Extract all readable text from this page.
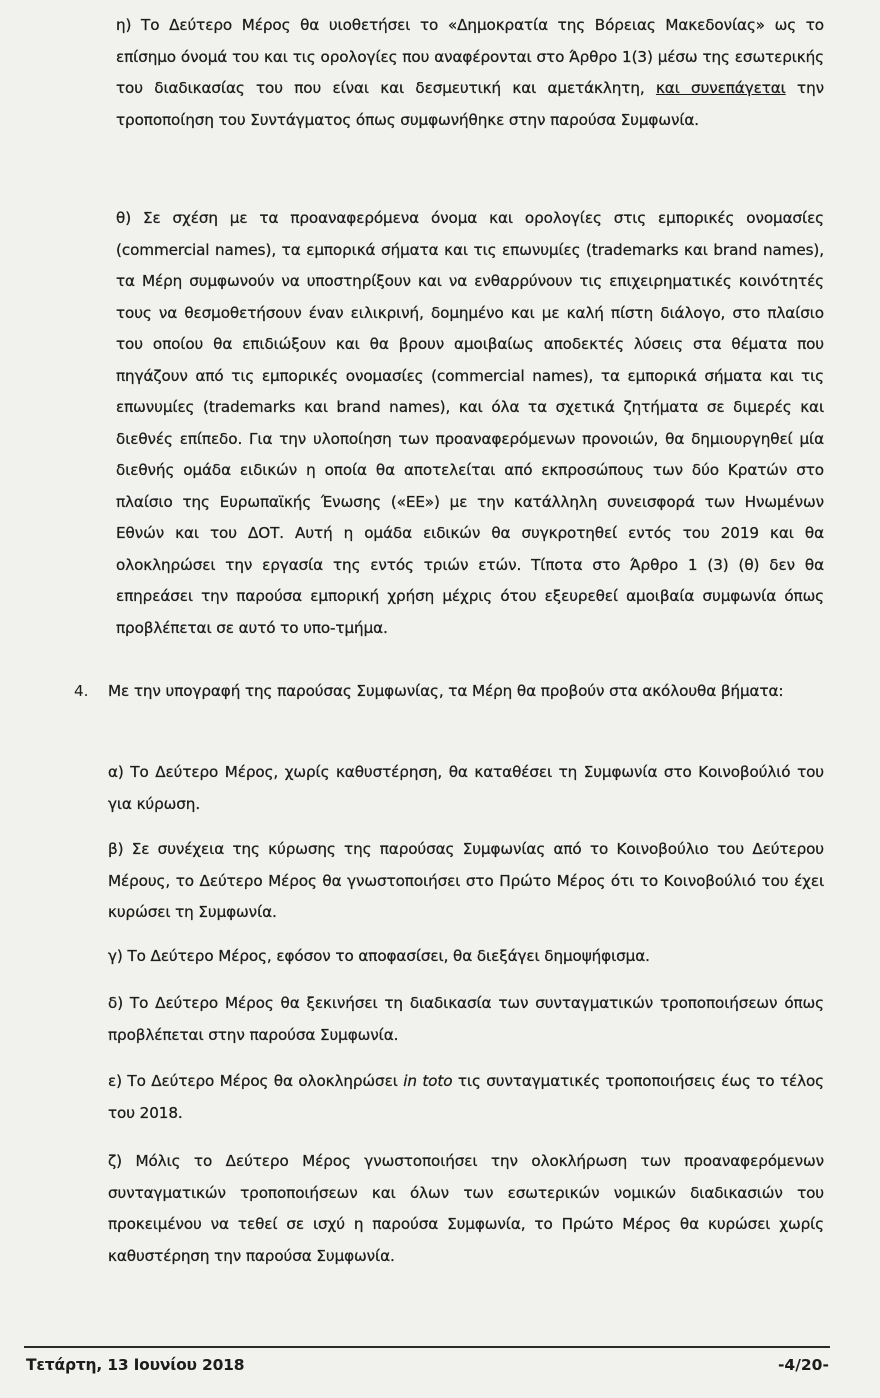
η) Το Δεύτερο Μέρος θα υιοθετήσει το «Δημοκρατία της Βόρειας Μακεδονίας» ως το επίσημο όνομά του και τις ορολογίες που αναφέρονται στο Άρθρο 1(3) μέσω της εσωτερικής του διαδικασίας του που είναι και δεσμευτική και αμετάκλητη, και συνεπάγεται την τροποποίηση του Συντάγματος όπως συμφωνήθηκε στην παρούσα Συμφωνία.

θ) Σε σχέση με τα προαναφερόμενα όνομα και ορολογίες στις εμπορικές ονομασίες (commercial names), τα εμπορικά σήματα και τις επωνυμίες (trademarks και brand names), τα Μέρη συμφωνούν να υποστηρίξουν και να ενθαρρύνουν τις επιχειρηματικές κοινότητές τους να θεσμοθετήσουν έναν ειλικρινή, δομημένο και με καλή πίστη διάλογο, στο πλαίσιο του οποίου θα επιδιώξουν και θα βρουν αμοιβαίως αποδεκτές λύσεις στα θέματα που πηγάζουν από τις εμπορικές ονομασίες (commercial names), τα εμπορικά σήματα και τις επωνυμίες (trademarks και brand names), και όλα τα σχετικά ζητήματα σε διμερές και διεθνές επίπεδο. Για την υλοποίηση των προαναφερόμενων προνοιών, θα δημιουργηθεί μία διεθνής ομάδα ειδικών η οποία θα αποτελείται από εκπροσώπους των δύο Κρατών στο πλαίσιο της Ευρωπαϊκής Ένωσης («ΕΕ») με την κατάλληλη συνεισφορά των Ηνωμένων Εθνών και του ΔΟΤ. Αυτή η ομάδα ειδικών θα συγκροτηθεί εντός του 2019 και θα ολοκληρώσει την εργασία της εντός τριών ετών. Τίποτα στο Άρθρο 1 (3) (θ) δεν θα επηρεάσει την παρούσα εμπορική χρήση μέχρις ότου εξευρεθεί αμοιβαία συμφωνία όπως προβλέπεται σε αυτό το υπο-τμήμα.

4. Με την υπογραφή της παρούσας Συμφωνίας, τα Μέρη θα προβούν στα ακόλουθα βήματα:

α) Το Δεύτερο Μέρος, χωρίς καθυστέρηση, θα καταθέσει τη Συμφωνία στο Κοινοβούλιό του για κύρωση.

β) Σε συνέχεια της κύρωσης της παρούσας Συμφωνίας από το Κοινοβούλιο του Δεύτερου Μέρους, το Δεύτερο Μέρος θα γνωστοποιήσει στο Πρώτο Μέρος ότι το Κοινοβούλιό του έχει κυρώσει τη Συμφωνία.

γ) Το Δεύτερο Μέρος, εφόσον το αποφασίσει, θα διεξάγει δημοψήφισμα.

δ) Το Δεύτερο Μέρος θα ξεκινήσει τη διαδικασία των συνταγματικών τροποποιήσεων όπως προβλέπεται στην παρούσα Συμφωνία.

ε) Το Δεύτερο Μέρος θα ολοκληρώσει in toto τις συνταγματικές τροποποιήσεις έως το τέλος του 2018.

ζ) Μόλις το Δεύτερο Μέρος γνωστοποιήσει την ολοκλήρωση των προαναφερόμενων συνταγματικών τροποποιήσεων και όλων των εσωτερικών νομικών διαδικασιών του προκειμένου να τεθεί σε ισχύ η παρούσα Συμφωνία, το Πρώτο Μέρος θα κυρώσει χωρίς καθυστέρηση την παρούσα Συμφωνία.

Τετάρτη, 13 Ιουνίου 2018	-4/20-
